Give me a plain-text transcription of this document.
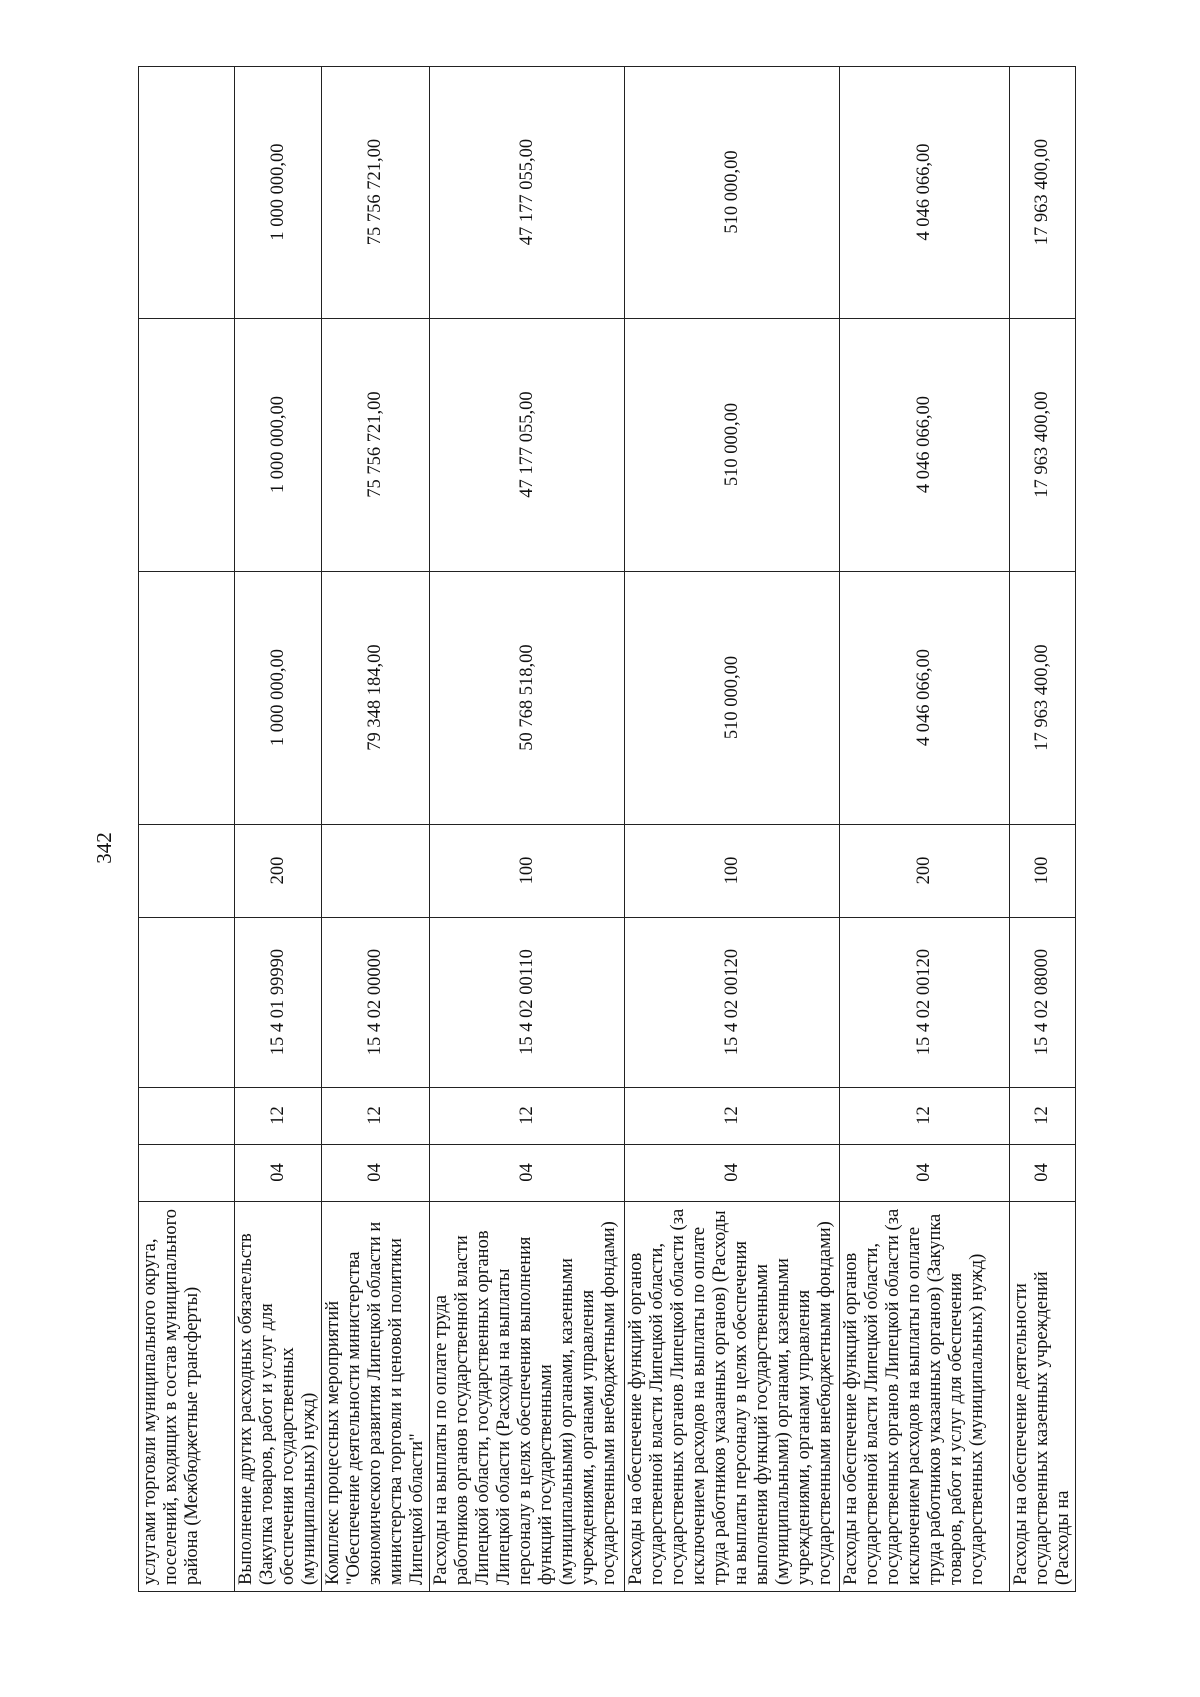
342
услугами торговли муниципального округа, поселений, входящих в состав муниципального района (Межбюджетные трансферты)							

Выполнение других расходных обязательств (Закупка товаров, работ и услуг для обеспечения государственных (муниципальных) нужд)	04	12	15 4 01 99990	200	1 000 000,00	1 000 000,00	1 000 000,00

Комплекс процессных мероприятий "Обеспечение деятельности министерства экономического развития Липецкой области и министерства торговли и ценовой политики Липецкой области"	04	12	15 4 02 00000		79 348 184,00	75 756 721,00	75 756 721,00

Расходы на выплаты по оплате труда работников органов государственной власти Липецкой области, государственных органов Липецкой области (Расходы на выплаты персоналу в целях обеспечения выполнения функций государственными (муниципальными) органами, казенными учреждениями, органами управления государственными внебюджетными фондами)	04	12	15 4 02 00110	100	50 768 518,00	47 177 055,00	47 177 055,00

Расходы на обеспечение функций органов государственной власти Липецкой области, государственных органов Липецкой области (за исключением расходов на выплаты по оплате труда работников указанных органов) (Расходы на выплаты персоналу в целях обеспечения выполнения функций государственными (муниципальными) органами, казенными учреждениями, органами управления государственными внебюджетными фондами)	04	12	15 4 02 00120	100	510 000,00	510 000,00	510 000,00

Расходы на обеспечение функций органов государственной власти Липецкой области, государственных органов Липецкой области (за исключением расходов на выплаты по оплате труда работников указанных органов) (Закупка товаров, работ и услуг для обеспечения государственных (муниципальных) нужд)	04	12	15 4 02 00120	200	4 046 066,00	4 046 066,00	4 046 066,00

Расходы на обеспечение деятельности государственных казенных учреждений (Расходы на	04	12	15 4 02 08000	100	17 963 400,00	17 963 400,00	17 963 400,00
